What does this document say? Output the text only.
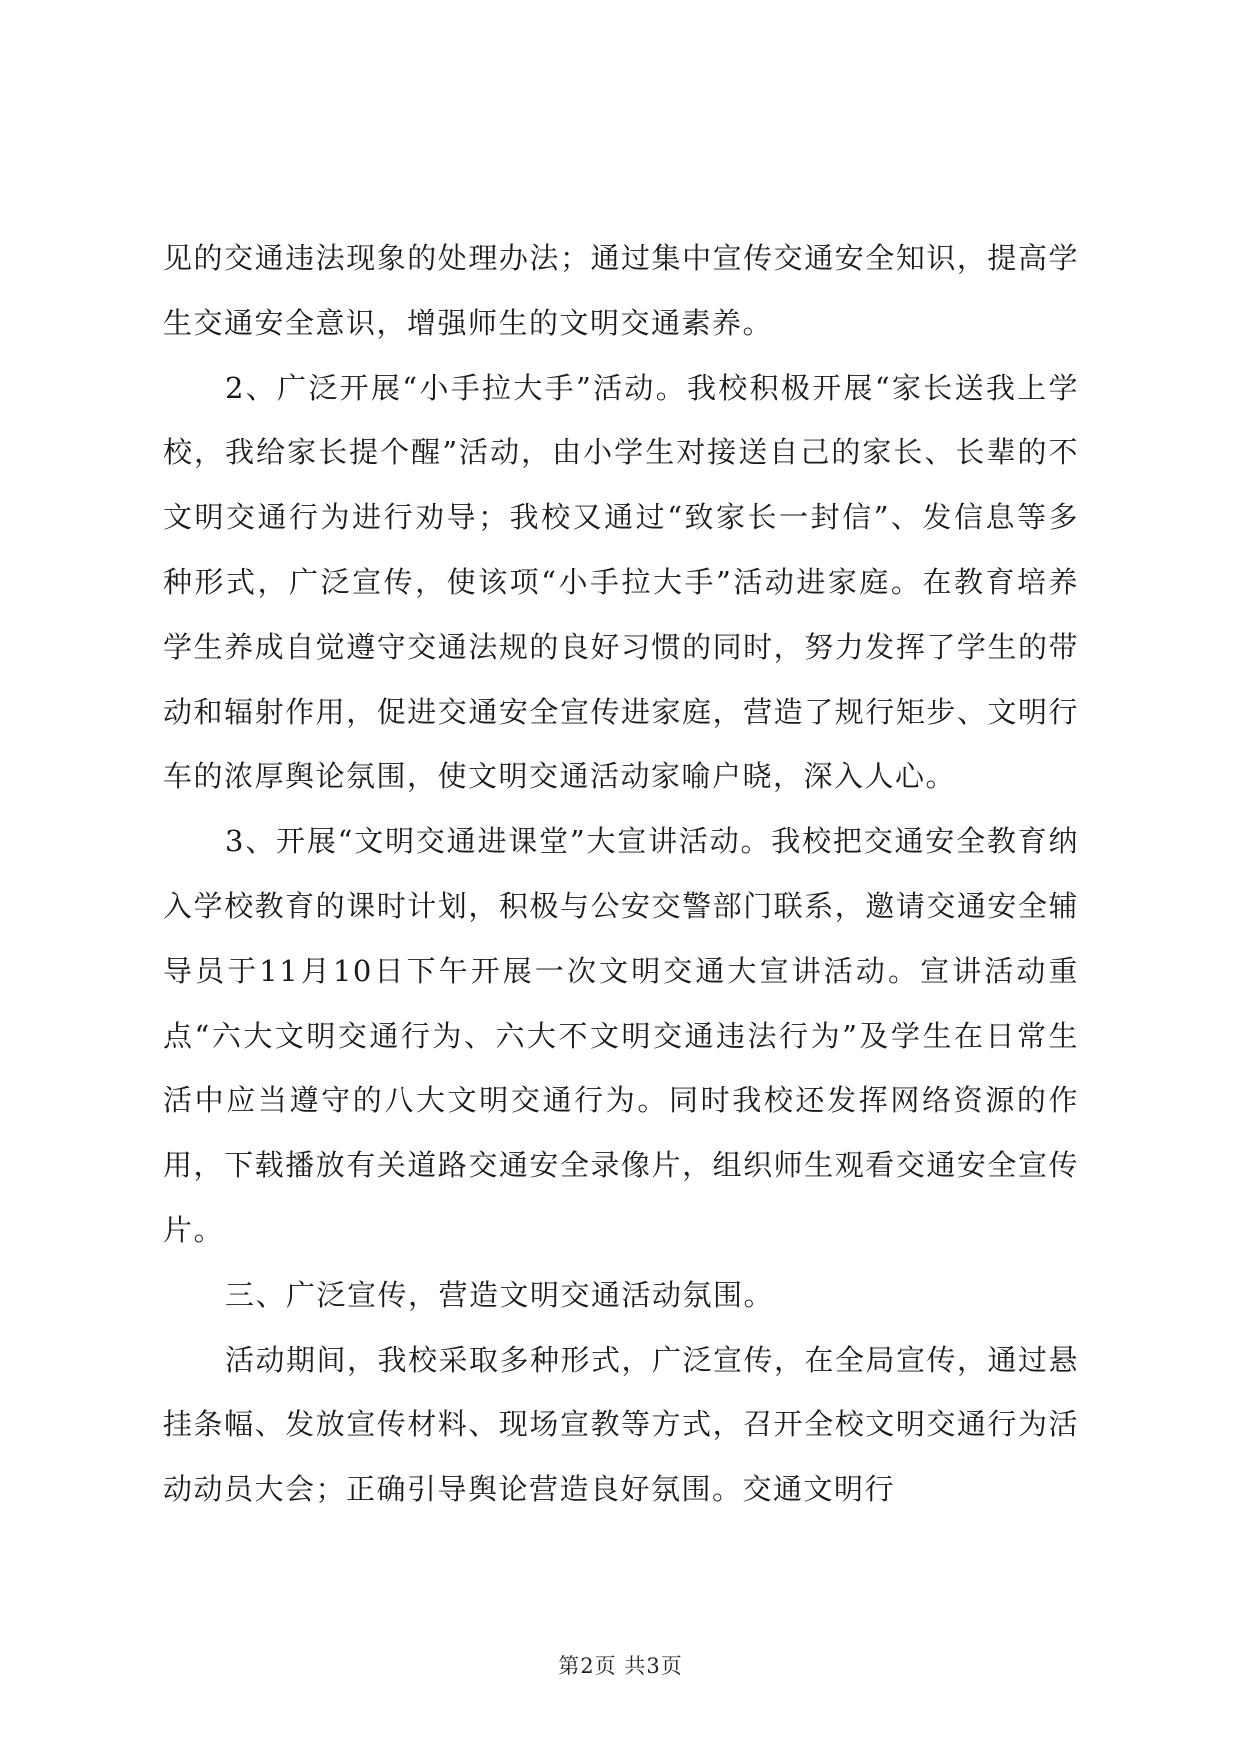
见的交通违法现象的处理办法；通过集中宣传交通安全知识，提高学生交通安全意识，增强师生的文明交通素养。

2、广泛开展“小手拉大手”活动。我校积极开展“家长送我上学校，我给家长提个醒”活动，由小学生对接送自己的家长、长辈的不文明交通行为进行劝导；我校又通过“致家长一封信”、发信息等多种形式，广泛宣传，使该项“小手拉大手”活动进家庭。在教育培养学生养成自觉遵守交通法规的良好习惯的同时，努力发挥了学生的带动和辐射作用，促进交通安全宣传进家庭，营造了规行矩步、文明行车的浓厚舆论氛围，使文明交通活动家喻户晓，深入人心。

3、开展“文明交通进课堂”大宣讲活动。我校把交通安全教育纳入学校教育的课时计划，积极与公安交警部门联系，邀请交通安全辅导员于11月10日下午开展一次文明交通大宣讲活动。宣讲活动重点“六大文明交通行为、六大不文明交通违法行为”及学生在日常生活中应当遵守的八大文明交通行为。同时我校还发挥网络资源的作用，下载播放有关道路交通安全录像片，组织师生观看交通安全宣传片。

三、广泛宣传，营造文明交通活动氛围。

活动期间，我校采取多种形式，广泛宣传，在全局宣传，通过悬挂条幅、发放宣传材料、现场宣教等方式，召开全校文明交通行为活动动员大会；正确引导舆论营造良好氛围。交通文明行

第2页 共3页
